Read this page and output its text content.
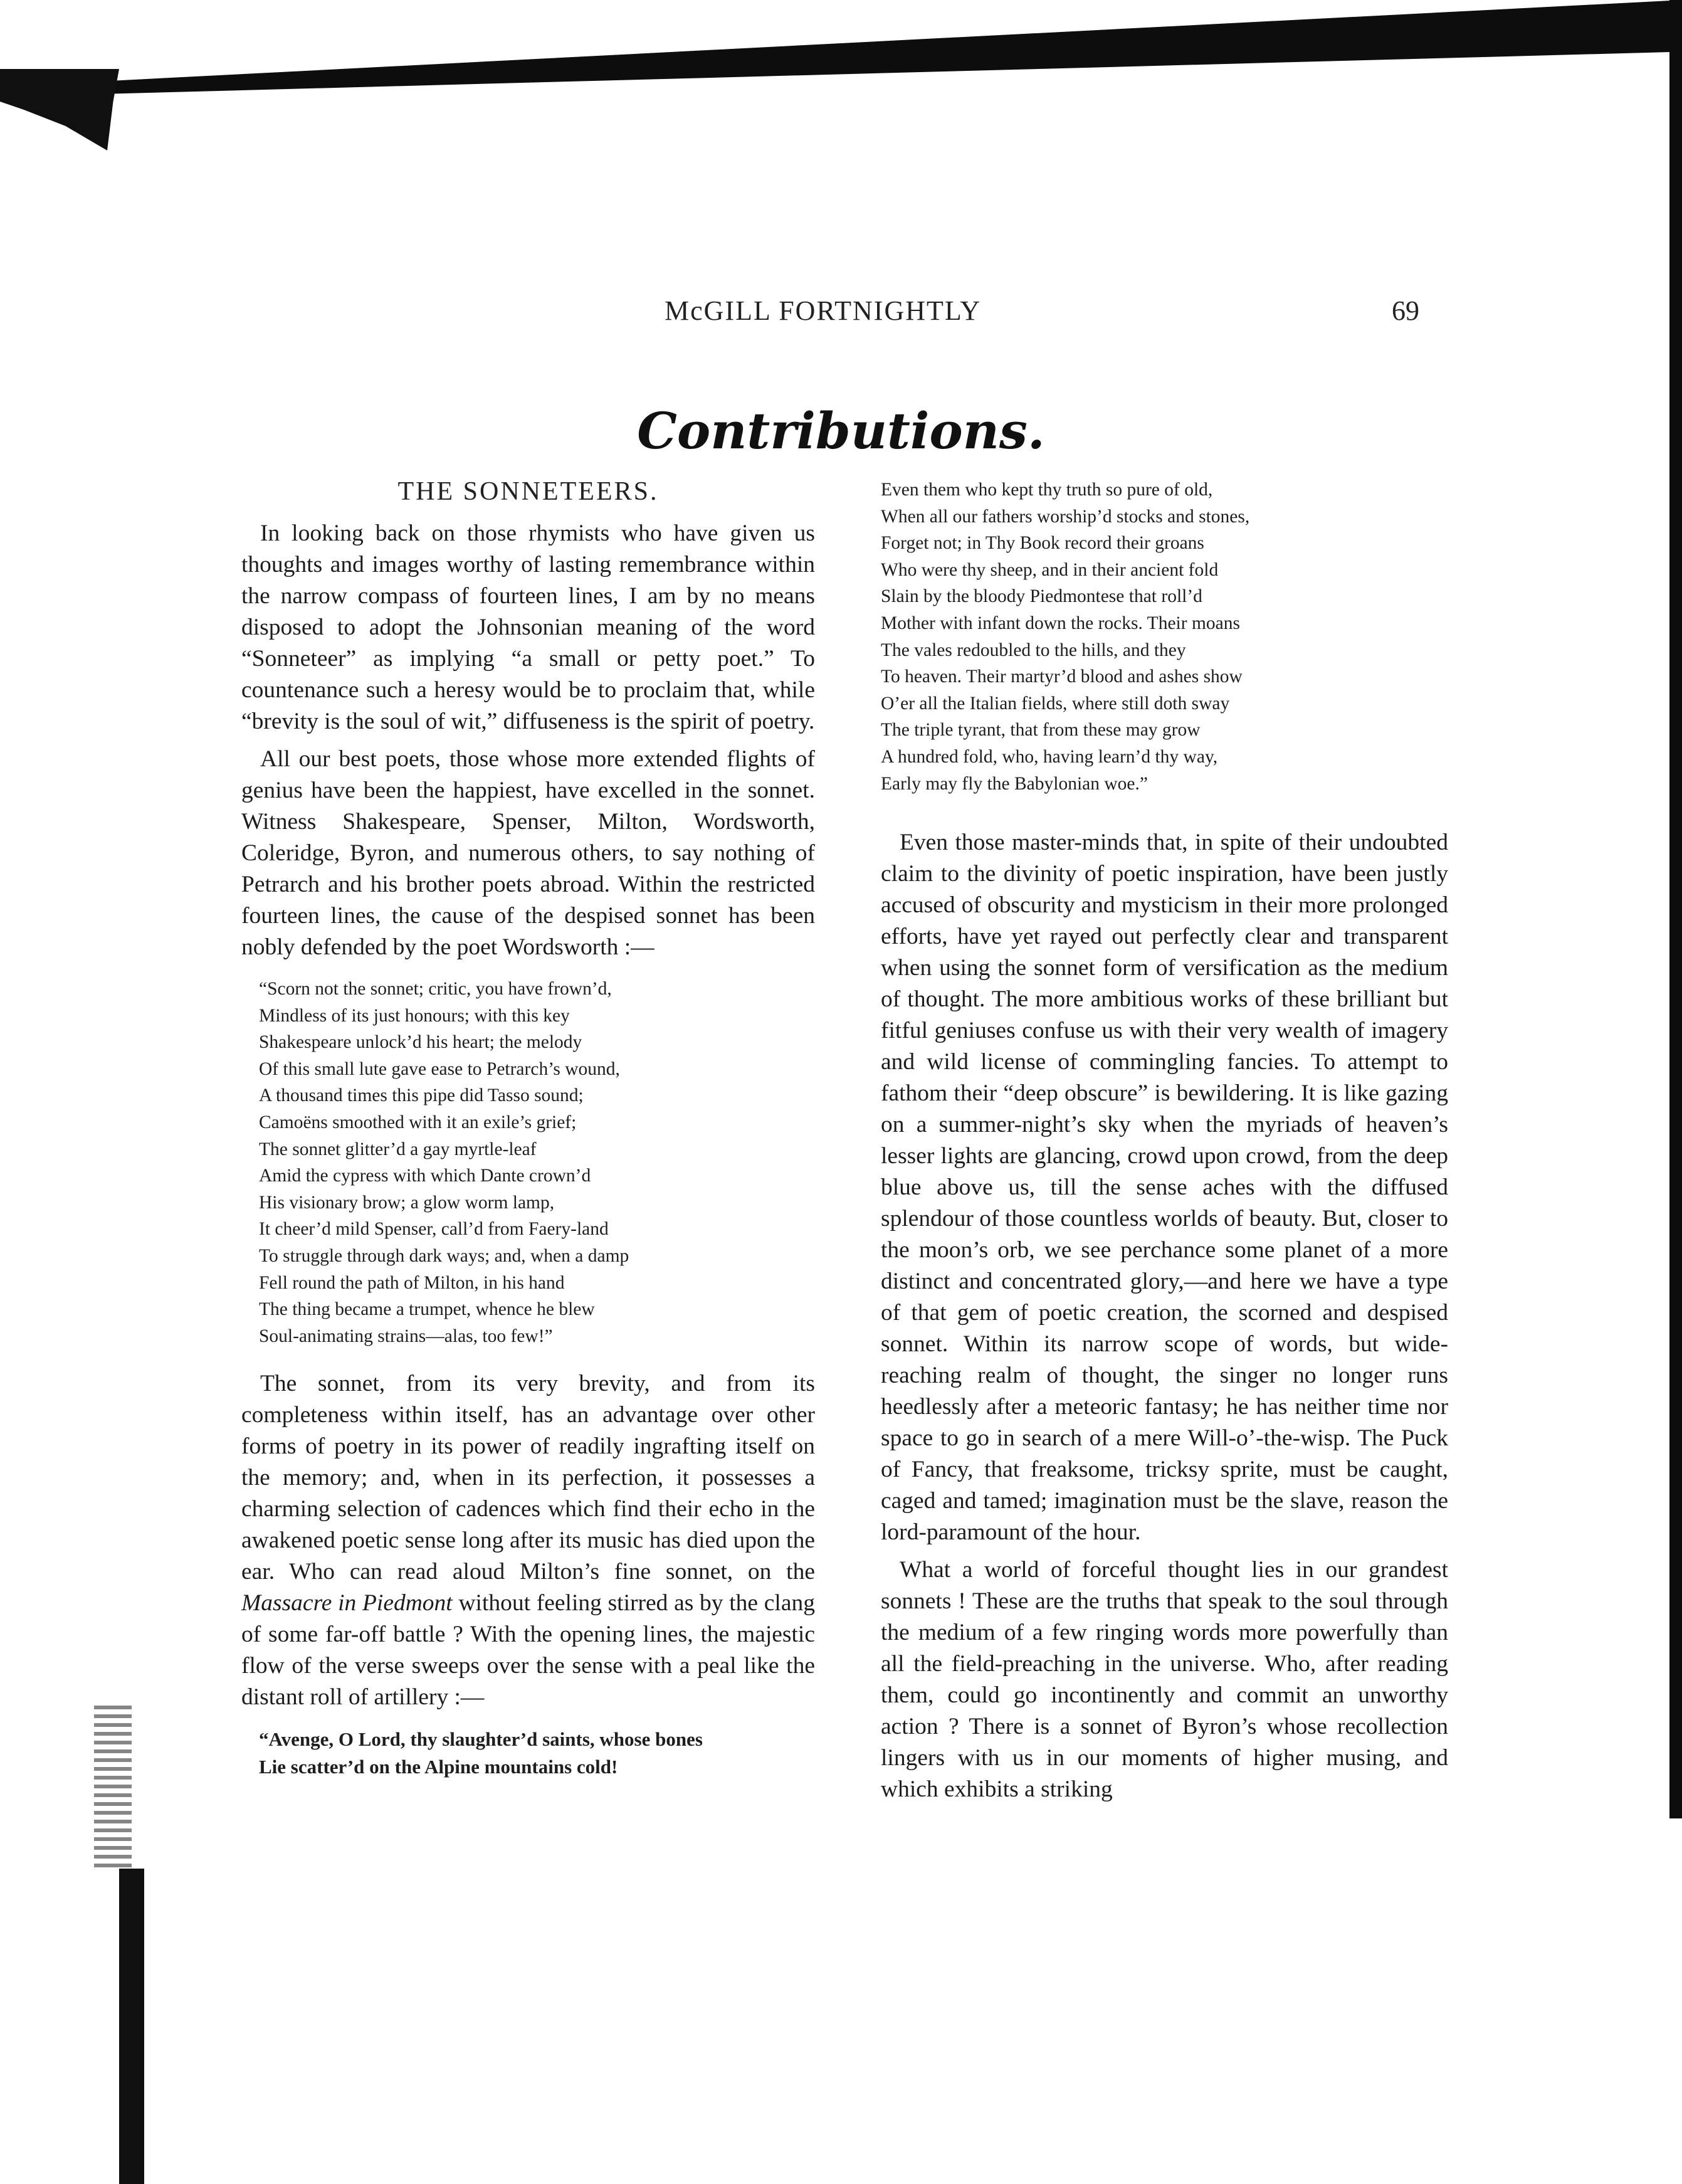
McGILL FORTNIGHTLY	69
Contributions.
THE SONNETEERS.

In looking back on those rhymists who have given us thoughts and images worthy of lasting remembrance within the narrow compass of fourteen lines, I am by no means disposed to adopt the Johnsonian meaning of the word “Sonneteer” as implying “a small or petty poet.” To countenance such a heresy would be to proclaim that, while “brevity is the soul of wit,” diffuseness is the spirit of poetry.

All our best poets, those whose more extended flights of genius have been the happiest, have excelled in the sonnet. Witness Shakespeare, Spenser, Milton, Wordsworth, Coleridge, Byron, and numerous others, to say nothing of Petrarch and his brother poets abroad. Within the restricted fourteen lines, the cause of the despised sonnet has been nobly defended by the poet Wordsworth :—

“Scorn not the sonnet; critic, you have frown’d,
Mindless of its just honours; with this key
Shakespeare unlock’d his heart; the melody
Of this small lute gave ease to Petrarch’s wound,
A thousand times this pipe did Tasso sound;
Camoëns smoothed with it an exile’s grief;
The sonnet glitter’d a gay myrtle-leaf
Amid the cypress with which Dante crown’d
His visionary brow; a glow worm lamp,
It cheer’d mild Spenser, call’d from Faery-land
To struggle through dark ways; and, when a damp
Fell round the path of Milton, in his hand
The thing became a trumpet, whence he blew
Soul-animating strains—alas, too few!”

The sonnet, from its very brevity, and from its completeness within itself, has an advantage over other forms of poetry in its power of readily ingrafting itself on the memory; and, when in its perfection, it possesses a charming selection of cadences which find their echo in the awakened poetic sense long after its music has died upon the ear. Who can read aloud Milton’s fine sonnet, on the Massacre in Piedmont without feeling stirred as by the clang of some far-off battle ? With the opening lines, the majestic flow of the verse sweeps over the sense with a peal like the distant roll of artillery :—

“Avenge, O Lord, thy slaughter’d saints, whose bones
Lie scatter’d on the Alpine mountains cold!
Even them who kept thy truth so pure of old,
When all our fathers worship’d stocks and stones,
Forget not; in Thy Book record their groans
Who were thy sheep, and in their ancient fold
Slain by the bloody Piedmontese that roll’d
Mother with infant down the rocks. Their moans
The vales redoubled to the hills, and they
To heaven. Their martyr’d blood and ashes show
O’er all the Italian fields, where still doth sway
The triple tyrant, that from these may grow
A hundred fold, who, having learn’d thy way,
Early may fly the Babylonian woe.”

Even those master-minds that, in spite of their undoubted claim to the divinity of poetic inspiration, have been justly accused of obscurity and mysticism in their more prolonged efforts, have yet rayed out perfectly clear and transparent when using the sonnet form of versification as the medium of thought. The more ambitious works of these brilliant but fitful geniuses confuse us with their very wealth of imagery and wild license of commingling fancies. To attempt to fathom their “deep obscure” is bewildering. It is like gazing on a summer-night’s sky when the myriads of heaven’s lesser lights are glancing, crowd upon crowd, from the deep blue above us, till the sense aches with the diffused splendour of those countless worlds of beauty. But, closer to the moon’s orb, we see perchance some planet of a more distinct and concentrated glory,—and here we have a type of that gem of poetic creation, the scorned and despised sonnet. Within its narrow scope of words, but wide-reaching realm of thought, the singer no longer runs heedlessly after a meteoric fantasy; he has neither time nor space to go in search of a mere Will-o’-the-wisp. The Puck of Fancy, that freaksome, tricksy sprite, must be caught, caged and tamed; imagination must be the slave, reason the lord-paramount of the hour.

What a world of forceful thought lies in our grandest sonnets ! These are the truths that speak to the soul through the medium of a few ringing words more powerfully than all the field-preaching in the universe. Who, after reading them, could go incontinently and commit an unworthy action ? There is a sonnet of Byron’s whose recollection lingers with us in our moments of higher musing, and which exhibits a striking
